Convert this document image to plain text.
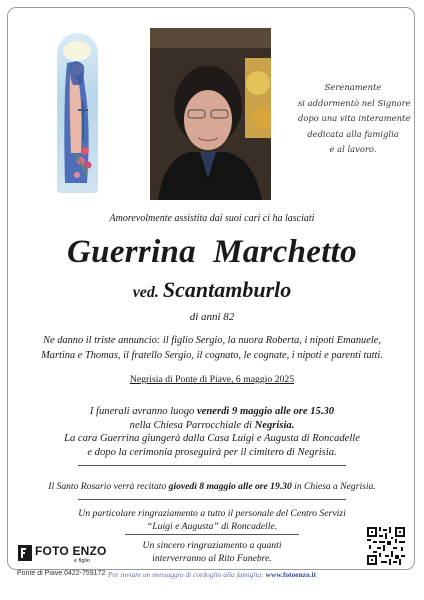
Serenamente
si addormentò nel Signore
dopo una vita interamente
dedicata alla famiglia
e al lavoro.
Amorevolmente assistita dai suoi cari ci ha lasciati
Guerrina  Marchetto
ved. Scantamburlo
di anni 82
Ne danno il triste annuncio: il figlio Sergio, la nuora Roberta, i nipoti Emanuele,
Martina e Thomas, il fratello Sergio, il cognato, le cognate, i nipoti e parenti tutti.
Negrisia di Ponte di Piave, 6 maggio 2025
I funerali avranno luogo venerdì 9 maggio alle ore 15.30
nella Chiesa Parrocchiale di Negrisia.
La cara Guerrina giungerà dalla Casa Luigi e Augusta di Roncadelle
e dopo la cerimonia proseguirà per il cimitero di Negrisia.
Il Santo Rosario verrà recitato giovedì 8 maggio alle ore 19.30 in Chiesa a Negrisia.
Un particolare ringraziamento a tutto il personale del Centro Servizi
“Luigi e Augusta” di Roncadelle.
Un sincero ringraziamento a quanti
interverranno al Rito Funebre.
FOTO ENZO
e figlio
Ponte di Piave 0422-759172 Per inviare un messaggio di cordoglio alla famiglia: www.fotoenzo.it
